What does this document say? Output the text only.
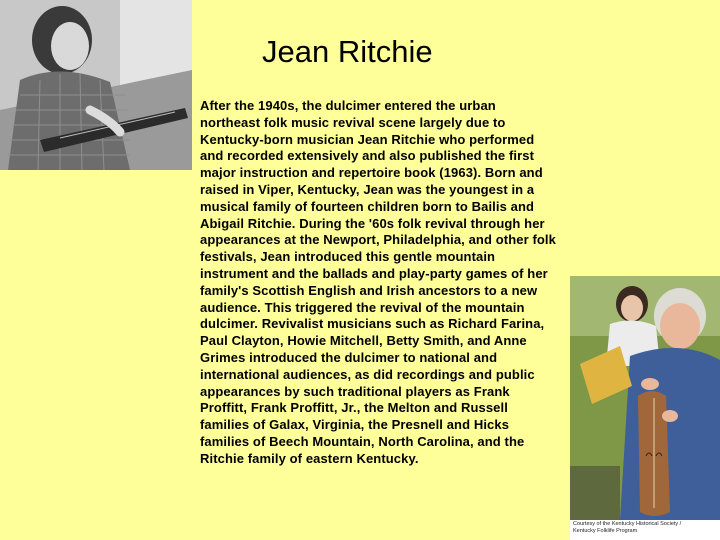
Jean Ritchie

After the 1940s, the dulcimer entered the urban northeast folk music revival scene largely due to Kentucky-born musician Jean Ritchie who performed and recorded extensively and also published the first major instruction and repertoire book (1963). Born and raised in Viper, Kentucky, Jean was the youngest in a musical family of fourteen children born to Bailis and Abigail Ritchie. During the '60s folk revival through her appearances at the Newport, Philadelphia, and other folk festivals, Jean introduced this gentle mountain instrument and the ballads and play-party games of her family's Scottish English and Irish ancestors to a new audience. This triggered the revival of the mountain dulcimer. Revivalist musicians such as Richard Farina, Paul Clayton, Howie Mitchell, Betty Smith, and Anne Grimes introduced the dulcimer to national and international audiences, as did recordings and public appearances by such traditional players as Frank Proffitt, Frank Proffitt, Jr., the Melton and Russell families of Galax, Virginia, the Presnell and Hicks families of Beech Mountain, North Carolina, and the Ritchie family of eastern Kentucky.

Courtesy of the Kentucky Historical Society /
Kentucky Folklife Program
